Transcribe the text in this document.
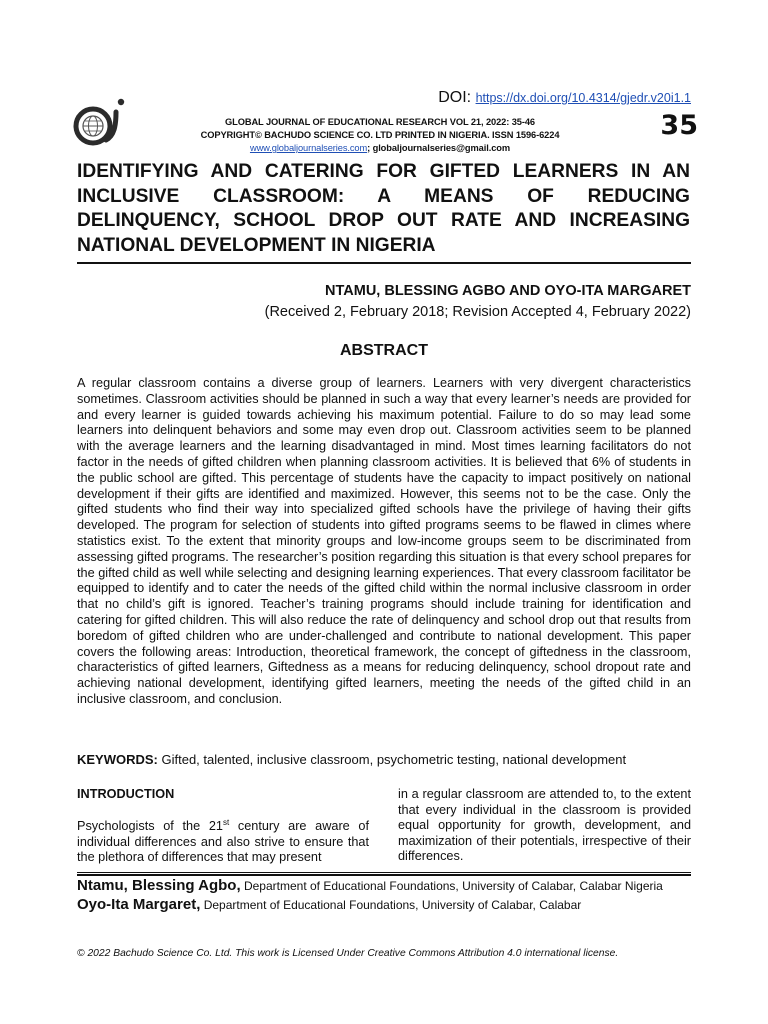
DOI: https://dx.doi.org/10.4314/gjedr.v20i1.1
GLOBAL JOURNAL OF EDUCATIONAL RESEARCH VOL 21, 2022: 35-46
COPYRIGHT© BACHUDO SCIENCE CO. LTD PRINTED IN NIGERIA. ISSN 1596-6224
www.globaljournalseries.com; globaljournalseries@gmail.com
35
IDENTIFYING AND CATERING FOR GIFTED LEARNERS IN AN INCLUSIVE CLASSROOM: A MEANS OF REDUCING DELINQUENCY, SCHOOL DROP OUT RATE AND INCREASING NATIONAL DEVELOPMENT IN NIGERIA
NTAMU, BLESSING AGBO AND OYO-ITA MARGARET
(Received 2, February 2018; Revision Accepted 4, February 2022)
ABSTRACT

A regular classroom contains a diverse group of learners. Learners with very divergent characteristics sometimes. Classroom activities should be planned in such a way that every learner’s needs are provided for and every learner is guided towards achieving his maximum potential. Failure to do so may lead some learners into delinquent behaviors and some may even drop out. Classroom activities seem to be planned with the average learners and the learning disadvantaged in mind. Most times learning facilitators do not factor in the needs of gifted children when planning classroom activities. It is believed that 6% of students in the public school are gifted. This percentage of students have the capacity to impact positively on national development if their gifts are identified and maximized. However, this seems not to be the case. Only the gifted students who find their way into specialized gifted schools have the privilege of having their gifts developed. The program for selection of students into gifted programs seems to be flawed in climes where statistics exist. To the extent that minority groups and low-income groups seem to be discriminated from assessing gifted programs. The researcher’s position regarding this situation is that every school prepares for the gifted child as well while selecting and designing learning experiences. That every classroom facilitator be equipped to identify and to cater the needs of the gifted child within the normal inclusive classroom in order that no child’s gift is ignored. Teacher’s training programs should include training for identification and catering for gifted children. This will also reduce the rate of delinquency and school drop out that results from boredom of gifted children who are under-challenged and contribute to national development. This paper covers the following areas: Introduction, theoretical framework, the concept of giftedness in the classroom, characteristics of gifted learners, Giftedness as a means for reducing delinquency, school dropout rate and achieving national development, identifying gifted learners, meeting the needs of the gifted child in an inclusive classroom, and conclusion.

KEYWORDS: Gifted, talented, inclusive classroom, psychometric testing, national development
INTRODUCTION

Psychologists of the 21st century are aware of individual differences and also strive to ensure that the plethora of differences that may present

in a regular classroom are attended to, to the extent that every individual in the classroom is provided equal opportunity for growth, development, and maximization of their potentials, irrespective of their differences.

Ntamu, Blessing Agbo, Department of Educational Foundations, University of Calabar, Calabar Nigeria
Oyo-Ita Margaret, Department of Educational Foundations, University of Calabar, Calabar
© 2022 Bachudo Science Co. Ltd. This work is Licensed Under Creative Commons Attribution 4.0 international license.
